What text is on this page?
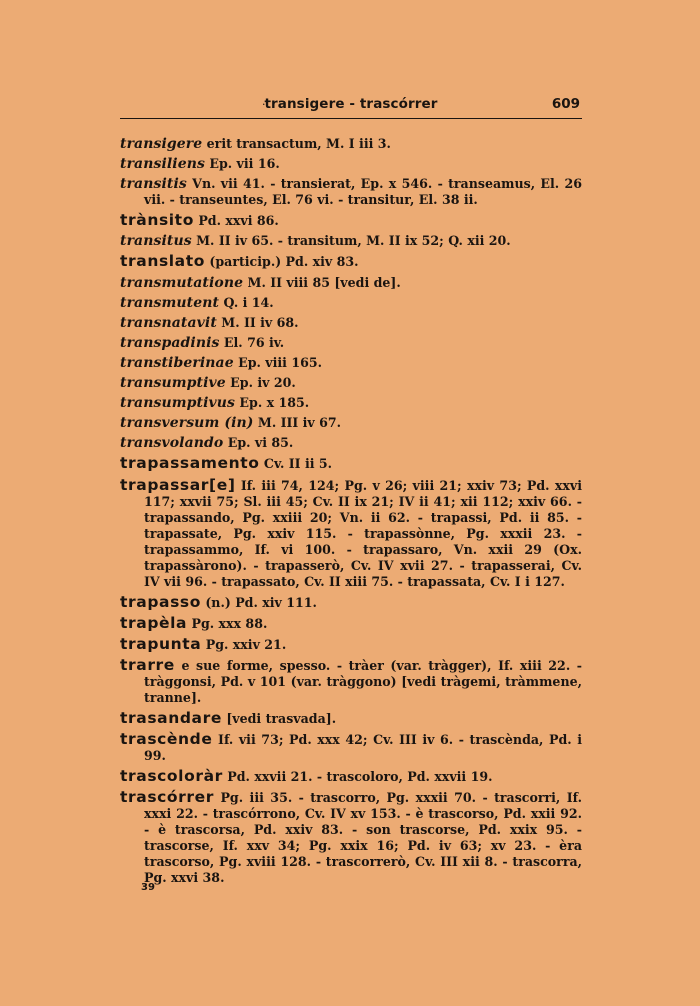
·
transigere - trascórrer	609
transigere erit transactum, M. I iii 3.
transiliens Ep. vii 16.
transitis Vn. vii 41. - transierat, Ep. x 546. - transeamus, El. 26 vii. - transeuntes, El. 76 vi. - transitur, El. 38 ii.
trànsito Pd. xxvi 86.
transitus M. II iv 65. - transitum, M. II ix 52; Q. xii 20.
translato (particip.) Pd. xiv 83.
transmutatione M. II viii 85 [vedi de].
transmutent Q. i 14.
transnatavit M. II iv 68.
transpadinis El. 76 iv.
transtiberinae Ep. viii 165.
transumptive Ep. iv 20.
transumptivus Ep. x 185.
transversum (in) M. III iv 67.
transvolando Ep. vi 85.
trapassamento Cv. II ii 5.
trapassar[e] If. iii 74, 124; Pg. v 26; viii 21; xxiv 73; Pd. xxvi 117; xxvii 75; Sl. iii 45; Cv. II ix 21; IV ii 41; xii 112; xxiv 66. - trapassando, Pg. xxiii 20; Vn. ii 62. - trapassi, Pd. ii 85. - trapassate, Pg. xxiv 115. - trapassònne, Pg. xxxii 23. - trapassammo, If. vi 100. - trapassaro, Vn. xxii 29 (Ox. trapassàrono). - trapasserò, Cv. IV xvii 27. - trapasserai, Cv. IV vii 96. - trapassato, Cv. II xiii 75. - trapassata, Cv. I i 127.
trapasso (n.) Pd. xiv 111.
trapèla Pg. xxx 88.
trapunta Pg. xxiv 21.
trarre e sue forme, spesso. - tràer (var. tràgger), If. xiii 22. - tràggonsi, Pd. v 101 (var. tràggono) [vedi tràgemi, tràmmene, tranne].
trasandare [vedi trasvada].
trascènde If. vii 73; Pd. xxx 42; Cv. III iv 6. - trascènda, Pd. i 99.
trascoloràr Pd. xxvii 21. - trascoloro, Pd. xxvii 19.
trascórrer Pg. iii 35. - trascorro, Pg. xxxii 70. - trascorri, If. xxxi 22. - trascórrono, Cv. IV xv 153. - è trascorso, Pd. xxii 92. - è trascorsa, Pd. xxiv 83. - son trascorse, Pd. xxix 95. - trascorse, If. xxv 34; Pg. xxix 16; Pd. iv 63; xv 23. - èra trascorso, Pg. xviii 128. - trascorrerò, Cv. III xii 8. - trascorra, Pg. xxvi 38.
39
